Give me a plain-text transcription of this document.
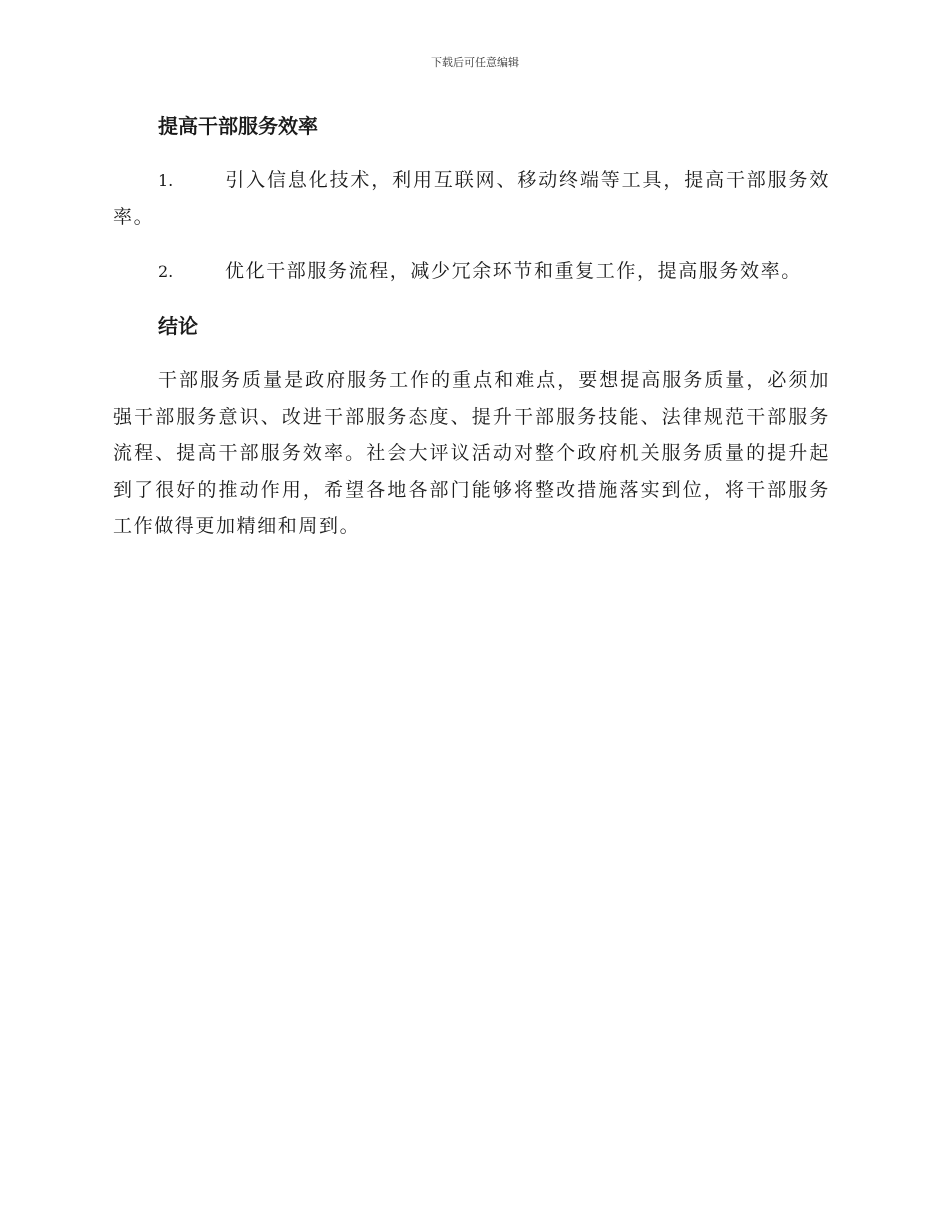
下载后可任意编辑
提高干部服务效率

1.	引入信息化技术，利用互联网、移动终端等工具，提高干部服务效率。

2.	优化干部服务流程，减少冗余环节和重复工作，提高服务效率。

结论

干部服务质量是政府服务工作的重点和难点，要想提高服务质量，必须加强干部服务意识、改进干部服务态度、提升干部服务技能、法律规范干部服务流程、提高干部服务效率。社会大评议活动对整个政府机关服务质量的提升起到了很好的推动作用，希望各地各部门能够将整改措施落实到位，将干部服务工作做得更加精细和周到。
